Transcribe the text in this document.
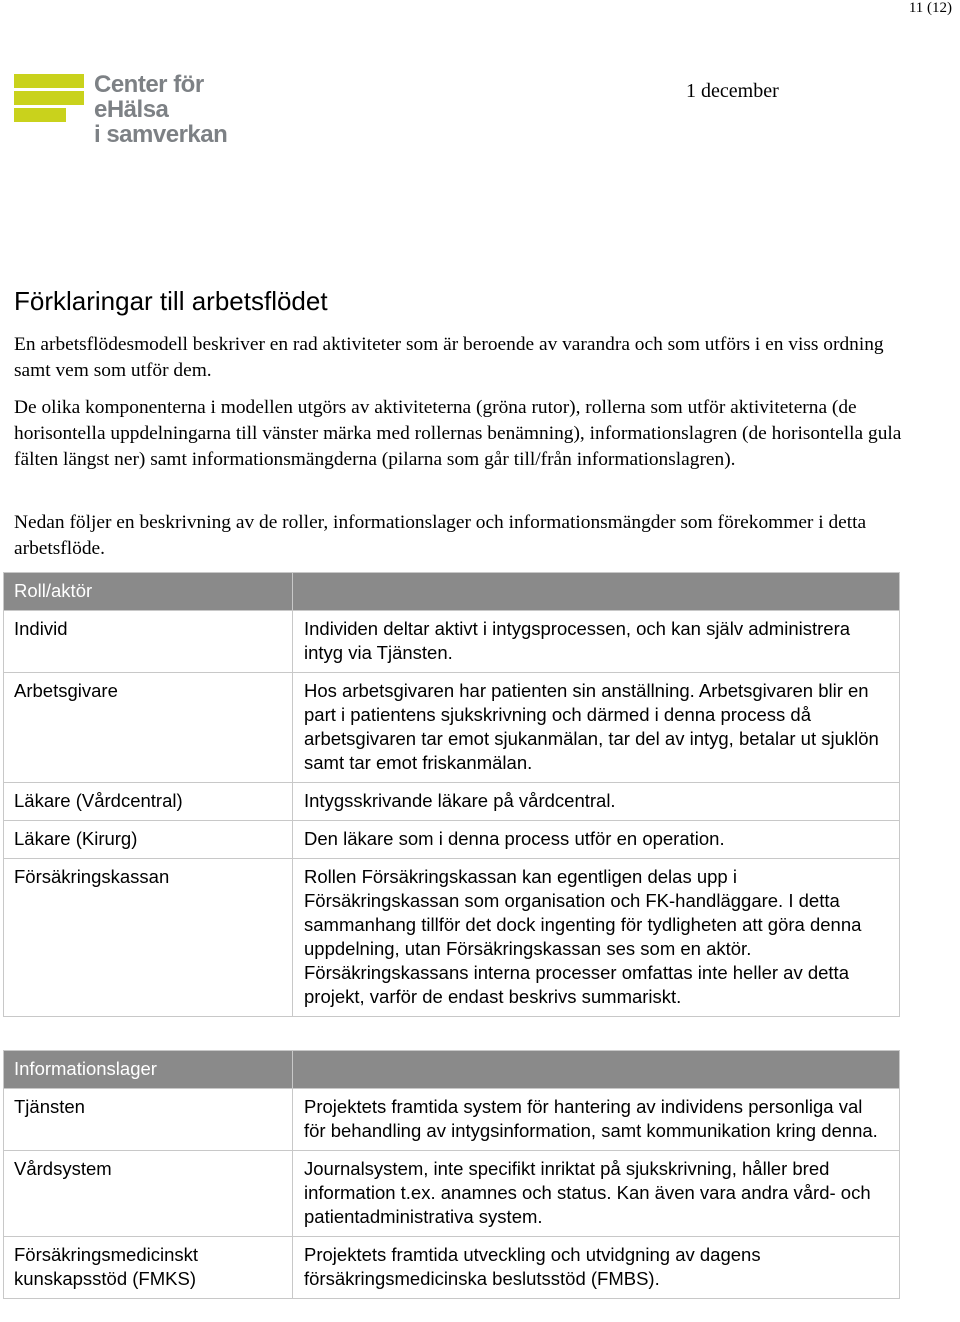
11 (12)
Center för eHälsa
i samverkan
1 december
Förklaringar till arbetsflödet

En arbetsflödesmodell beskriver en rad aktiviteter som är beroende av varandra och som utförs i en viss ordning samt vem som utför dem.

De olika komponenterna i modellen utgörs av aktiviteterna (gröna rutor), rollerna som utför aktiviteterna (de horisontella uppdelningarna till vänster märka med rollernas benämning), informationslagren (de horisontella gula fälten längst ner) samt informationsmängderna (pilarna som går till/från informationslagren).

Nedan följer en beskrivning av de roller, informationslager och informationsmängder som förekommer i detta arbetsflöde.

Roll/aktör	
Individ	Individen deltar aktivt i intygsprocessen, och kan själv administrera intyg via Tjänsten.
Arbetsgivare	Hos arbetsgivaren har patienten sin anställning. Arbetsgivaren blir en part i patientens sjukskrivning och därmed i denna process då arbetsgivaren tar emot sjukanmälan, tar del av intyg, betalar ut sjuklön samt tar emot friskanmälan.
Läkare (Vårdcentral)	Intygsskrivande läkare på vårdcentral.
Läkare (Kirurg)	Den läkare som i denna process utför en operation.
Försäkringskassan	Rollen Försäkringskassan kan egentligen delas upp i Försäkringskassan som organisation och FK-handläggare. I detta sammanhang tillför det dock ingenting för tydligheten att göra denna uppdelning, utan Försäkringskassan ses som en aktör. Försäkringskassans interna processer omfattas inte heller av detta projekt, varför de endast beskrivs summariskt.
Informationslager	
Tjänsten	Projektets framtida system för hantering av individens personliga val för behandling av intygsinformation, samt kommunikation kring denna.
Vårdsystem	Journalsystem, inte specifikt inriktat på sjukskrivning, håller bred information t.ex. anamnes och status. Kan även vara andra vård- och patientadministrativa system.
Försäkringsmedicinskt kunskapsstöd (FMKS)	Projektets framtida utveckling och utvidgning av dagens försäkringsmedicinska beslutsstöd (FMBS).
